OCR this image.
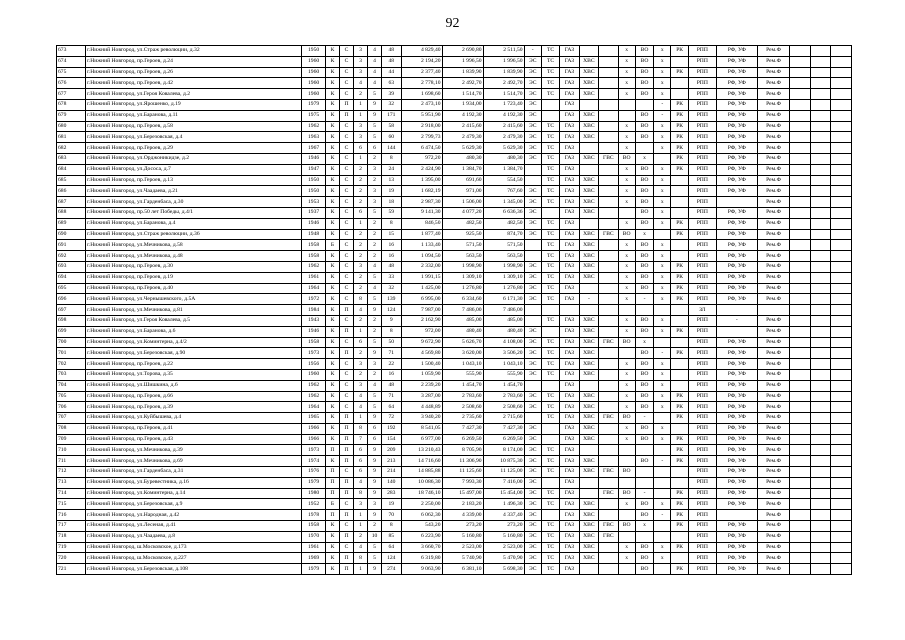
92
673	г.Нижний Новгород, ул.Страж революции, д.32	1950	К	С	3	4	48	4 829,40	2 690,80	2 511,50	-	ТС	ГАЗ			x	ВО	x	РК	РПП	РФ, УФ	Рем.Ф			
674	г.Нижний Новгород, пр.Героев, д.24	1960	К	С	3	4	48	2 194,20	1 996,50	1 996,50	ЭС	ТС	ГАЗ	ХВС		x	ВО	x		РПП	РФ, УФ	Рем.Ф			
675	г.Нижний Новгород, пр.Героев, д.26	1960	К	С	3	4	44	2 377,40	1 839,90	1 839,90	ЭС	ТС	ГАЗ	ХВС		x	ВО	x	РК	РПП	РФ, УФ	Рем.Ф			
676	г.Нижний Новгород, пр.Героев, д.42	1960	К	С	4	4	63	2 778,10	2 492,70	2 492,70	ЭС	ТС	ГАЗ	ХВС		x	ВО	x		РПП	РФ, УФ	Рем.Ф			
677	г.Нижний Новгород, ул.Героя Ковалева, д.2	1960	К	С	2	5	39	1 698,60	1 514,70	1 514,70	ЭС	ТС	ГАЗ	ХВС		x	ВО	x		РПП	РФ, УФ	Рем.Ф			
678	г.Нижний Новгород, ул.Ярошенко, д.19	1979	К	П	1	9	32	2 473,10	1 934,00	1 723,40	ЭС		ГАЗ					-	РК	РПП	РФ, УФ	Рем.Ф			
679	г.Нижний Новгород, ул.Баранова, д.11	1975	К	П	1	9	171	5 951,90	4 192,30	4 192,30	ЭС		ГАЗ	ХВС			ВО	-	РК	РПП	РФ, УФ	Рем.Ф			
680	г.Нижний Новгород, пр.Героев, д.58	1962	К	С	3	5	58	2 918,00	2 415,60	2 415,60	ЭС	ТС	ГАЗ	ХВС		x	ВО	x	РК	РПП	РФ, УФ	Рем.Ф			
681	г.Нижний Новгород, ул.Березовская, д.4	1963	К	С	3	5	60	2 799,73	2 479,30	2 479,30	ЭС	ТС	ГАЗ	ХВС		x	ВО	x	РК	РПП	РФ, УФ	Рем.Ф			
682	г.Нижний Новгород, пр.Героев, д.29	1967	К	С	6	6	144	6 474,50	5 629,30	5 629,30	ЭС	ТС	ГАЗ			x		x	РК	РПП	РФ, УФ	Рем.Ф			
683	г.Нижний Новгород, ул.Орджоникидзе, д.2	1946	К	С	1	2	8	972,20	480,30	480,30	ЭС	ТС	ГАЗ	ХВС	ГВС	ВО	x		РК	РПП	РФ, УФ	Рем.Ф			
684	г.Нижний Новгород, ул.Дососа, д.7	1947	К	С	2	3	24	2 424,90	1 384,70	1 384,70		ТС	ГАЗ			x	ВО	x	РК	РПП	РФ, УФ	Рем.Ф			
685	г.Нижний Новгород, пр.Героев, д.13	1950	К	С	2	2	13	1 395,00	691,60	554,50		ТС	ГАЗ	ХВС		x	ВО	x		РПП	РФ, УФ	Рем.Ф			
686	г.Нижний Новгород, ул.Чаадаева, д.21	1950	К	С	2	3	19	1 682,19	971,00	767,60	ЭС	ТС	ГАЗ	ХВС		x	ВО	x		РПП	РФ, УФ	Рем.Ф			
687	г.Нижний Новгород, ул.Гарденбаса, д.30	1953	К	С	2	3	18	2 987,30	1 506,00	1 345,00	ЭС	ТС	ГАЗ	ХВС		x	ВО	x		РПП		Рем.Ф			
688	г.Нижний Новгород, пр.50 лет Победы, д.4/1	1937	К	С	6	5	59	9 141,30	4 077,20	6 636,36	ЭС		ГАЗ	ХВС			ВО	x		РПП	РФ, УФ	Рем.Ф			
689	г.Нижний Новгород, ул.Баранова, д.4	1946	К	С	1	2	8	846,50	482,50	482,50	ЭС	ТС	ГАЗ			x	ВО	x	РК	РПП	РФ, УФ	Рем.Ф			
690	г.Нижний Новгород, ул.Страж революции, д.36	1948	К	С	2	2	15	1 877,40	925,50	874,70	ЭС	ТС	ГАЗ	ХВС	ГВС	ВО	x		РК	РПП	РФ, УФ	Рем.Ф			
691	г.Нижний Новгород, ул.Мечникова, д.58	1958	Б	С	2	2	16	1 133,40	571,50	571,50		ТС	ГАЗ	ХВС		x	ВО	x		РПП	РФ, УФ	Рем.Ф			
692	г.Нижний Новгород, ул.Мечникова, д.48	1958	К	С	2	2	16	1 094,50	563,50	563,50		ТС	ГАЗ	ХВС		x	ВО	x		РПП	РФ, УФ	Рем.Ф			
693	г.Нижний Новгород, пр.Героев, д.30	1962	К	С	3	4	48	2 332,00	1 998,90	1 998,90	ЭС	ТС	ГАЗ	ХВС		x	ВО	x	РК	РПП	РФ, УФ	Рем.Ф			
694	г.Нижний Новгород, пр.Героев, д.19	1961	К	С	2	5	33	1 991,15	1 309,10	1 309,10	ЭС	ТС	ГАЗ	ХВС		x	ВО	x	РК	РПП	РФ, УФ	Рем.Ф			
695	г.Нижний Новгород, пр.Героев, д.40	1964	К	С	2	4	32	1 425,00	1 276,80	1 276,80	ЭС	ТС	ГАЗ			x	ВО	x	РК	РПП	РФ, УФ	Рем.Ф			
696	г.Нижний Новгород, ул.Чернышевского, д.5А	1972	К	С	8	5	139	6 995,00	6 334,60	6 171,30	ЭС	ТС	ГАЗ	-		x	-	x	РК	РПП	РФ, УФ	Рем.Ф			
697	г.Нижний Новгород, ул.Мечникова, д.81	1984	К	П	4	9	124	7 987,00	7 486,00	7 486,00										ЗЛ					
698	г.Нижний Новгород, ул.Героя Ковалева, д.5	1943	К	С	2	2	9	2 162,90	485,00	485,00		ТС	ГАЗ	ХВС		x	ВО	x		РПП	-	Рем.Ф			
699	г.Нижний Новгород, ул.Баранова, д.6	1946	К	П	1	2	8	972,00	480,40	480,40	ЭС		ГАЗ	ХВС		x	ВО	x	РК	РПП		Рем.Ф			
700	г.Нижний Новгород, ул.Коминтерна, д.4/2	1958	К	С	6	5	50	9 672,90	5 626,70	4 108,00	ЭС	ТС	ГАЗ	ХВС	ГВС	ВО	x			РПП	РФ, УФ	Рем.Ф			
701	г.Нижний Новгород, ул.Березовская, д.90	1973	К	П	2	9	71	4 569,80	3 620,00	3 506,20	ЭС	ТС	ГАЗ	ХВС			ВО	-	РК	РПП	РФ, УФ	Рем.Ф			
702	г.Нижний Новгород, пр.Героев, д.22	1956	К	С	3	3	22	1 500,40	1 043,10	1 043,10	ЭС	ТС	ГАЗ	ХВС		x	ВО	x		РПП	РФ, УФ	Рем.Ф			
703	г.Нижний Новгород, ул.Торова, д.35	1960	К	С	2	2	16	1 059,90	555,90	555,90	ЭС	ТС	ГАЗ	ХВС		x	ВО	x		РПП	РФ, УФ	Рем.Ф			
704	г.Нижний Новгород, ул.Шишкина, д.6	1962	К	С	3	4	48	2 239,20	1 454,70	1 454,70			ГАЗ			x	ВО	x		РПП	РФ, УФ	Рем.Ф			
705	г.Нижний Новгород, пр.Героев, д.66	1962	К	С	4	5	71	3 287,00	2 783,60	2 783,60	ЭС	ТС	ГАЗ	ХВС		x	ВО	x	РК	РПП	РФ, УФ	Рем.Ф			
706	г.Нижний Новгород, пр.Героев, д.39	1964	К	С	4	5	64	4 448,89	2 508,60	2 508,60	ЭС	ТС	ГАЗ	ХВС		x	ВО	x	РК	РПП	РФ, УФ	Рем.Ф			
707	г.Нижний Новгород, ул.Куйбышева, д.4	1965	К	П	1	9	72	3 940,20	2 735,60	2 715,60		ТС	ГАЗ	ХВС	ГВС	ВО	-		РК	РПП	РФ, УФ	Рем.Ф			
708	г.Нижний Новгород, пр.Героев, д.41	1966	К	П	8	6	192	8 541,05	7 427,30	7 427,30	ЭС		ГАЗ	ХВС		x	ВО	x		РПП	РФ, УФ	Рем.Ф			
709	г.Нижний Новгород, пр.Героев, д.43	1966	К	П	7	6	154	6 977,00	6 269,50	6 269,50	ЭС		ГАЗ	ХВС		x	ВО	x	РК	РПП	РФ, УФ	Рем.Ф			
710	г.Нижний Новгород, ул.Мечникова, д.39	1973	П	П	6	9	209	13 210,43	8 705,90	8 174,00	ЭС	ТС	ГАЗ						РК	РПП	РФ, УФ	Рем.Ф			
711	г.Нижний Новгород, ул.Мечникова, д.69	1974	К	П	6	9	213	14 716,60	11 306,90	10 875,30	ЭС	ТС	ГАЗ	ХВС			ВО	-	РК	РПП	РФ, УФ	Рем.Ф			
712	г.Нижний Новгород, ул.Гарденбаса, д.31	1976	П	С	6	9	214	14 885,88	11 125,60	11 125,00	ЭС	ТС	ГАЗ	ХВС	ГВС	ВО				РПП	РФ, УФ	Рем.Ф			
713	г.Нижний Новгород, ул.Буревестника, д.16	1979	П	П	4	9	140	10 086,30	7 993,30	7 416,00	ЭС		ГАЗ							РПП	РФ, УФ	Рем.Ф			
714	г.Нижний Новгород, ул.Коминтерна, д.14	1980	П	П	8	9	283	18 746,10	15 497,00	15 454,00	ЭС	ТС	ГАЗ		ГВС	ВО	-		РК	РПП	РФ, УФ	Рем.Ф			
715	г.Нижний Новгород, ул.Березовская, д.9	1952	Б	С	3	3	19	2 250,00	2 183,20	1 496,30	ЭС	ТС	ГАЗ	ХВС		x	ВО	x	РК	РПП	РФ, УФ	Рем.Ф			
716	г.Нижний Новгород, ул.Народная, д.42	1978	П	П	1	9	70	6 062,30	4 339,00	4 337,40	ЭС		ГАЗ	ХВС			ВО	-	РК	РПП		Рем.Ф			
717	г.Нижний Новгород, ул.Лесеная, д.41	1958	К	С	1	2	8	543,20	273,20	273,20	ЭС	ТС	ГАЗ	ХВС	ГВС	ВО	x		РК	РПП	РФ, УФ	Рем.Ф			
718	г.Нижний Новгород, ул.Чаадаева, д.8	1970	К	П	2	10	85	6 223,90	5 160,80	5 160,80	ЭС	ТС	ГАЗ	ХВС	ГВС					РПП	РФ, УФ	Рем.Ф			
719	г.Нижний Новгород, ш.Московское, д.173	1961	К	С	4	5	64	3 660,70	2 523,00	2 523,00	ЭС	ТС	ГАЗ	ХВС		x	ВО	x	РК	РПП	РФ, УФ	Рем.Ф			
720	г.Нижний Новгород, ш.Московское, д.227	1969	К	П	8	5	124	6 319,80	5 740,90	5 470,90	ЭС	ТС	ГАЗ	ХВС		x	ВО	x		РПП	РФ, УФ	Рем.Ф			
721	г.Нижний Новгород, ул.Березовская, д.108	1979	К	П	1	9	274	9 063,90	6 381,10	5 698,30	ЭС	ТС	ГАЗ				ВО		РК	РПП	РФ, УФ	Рем.Ф			
